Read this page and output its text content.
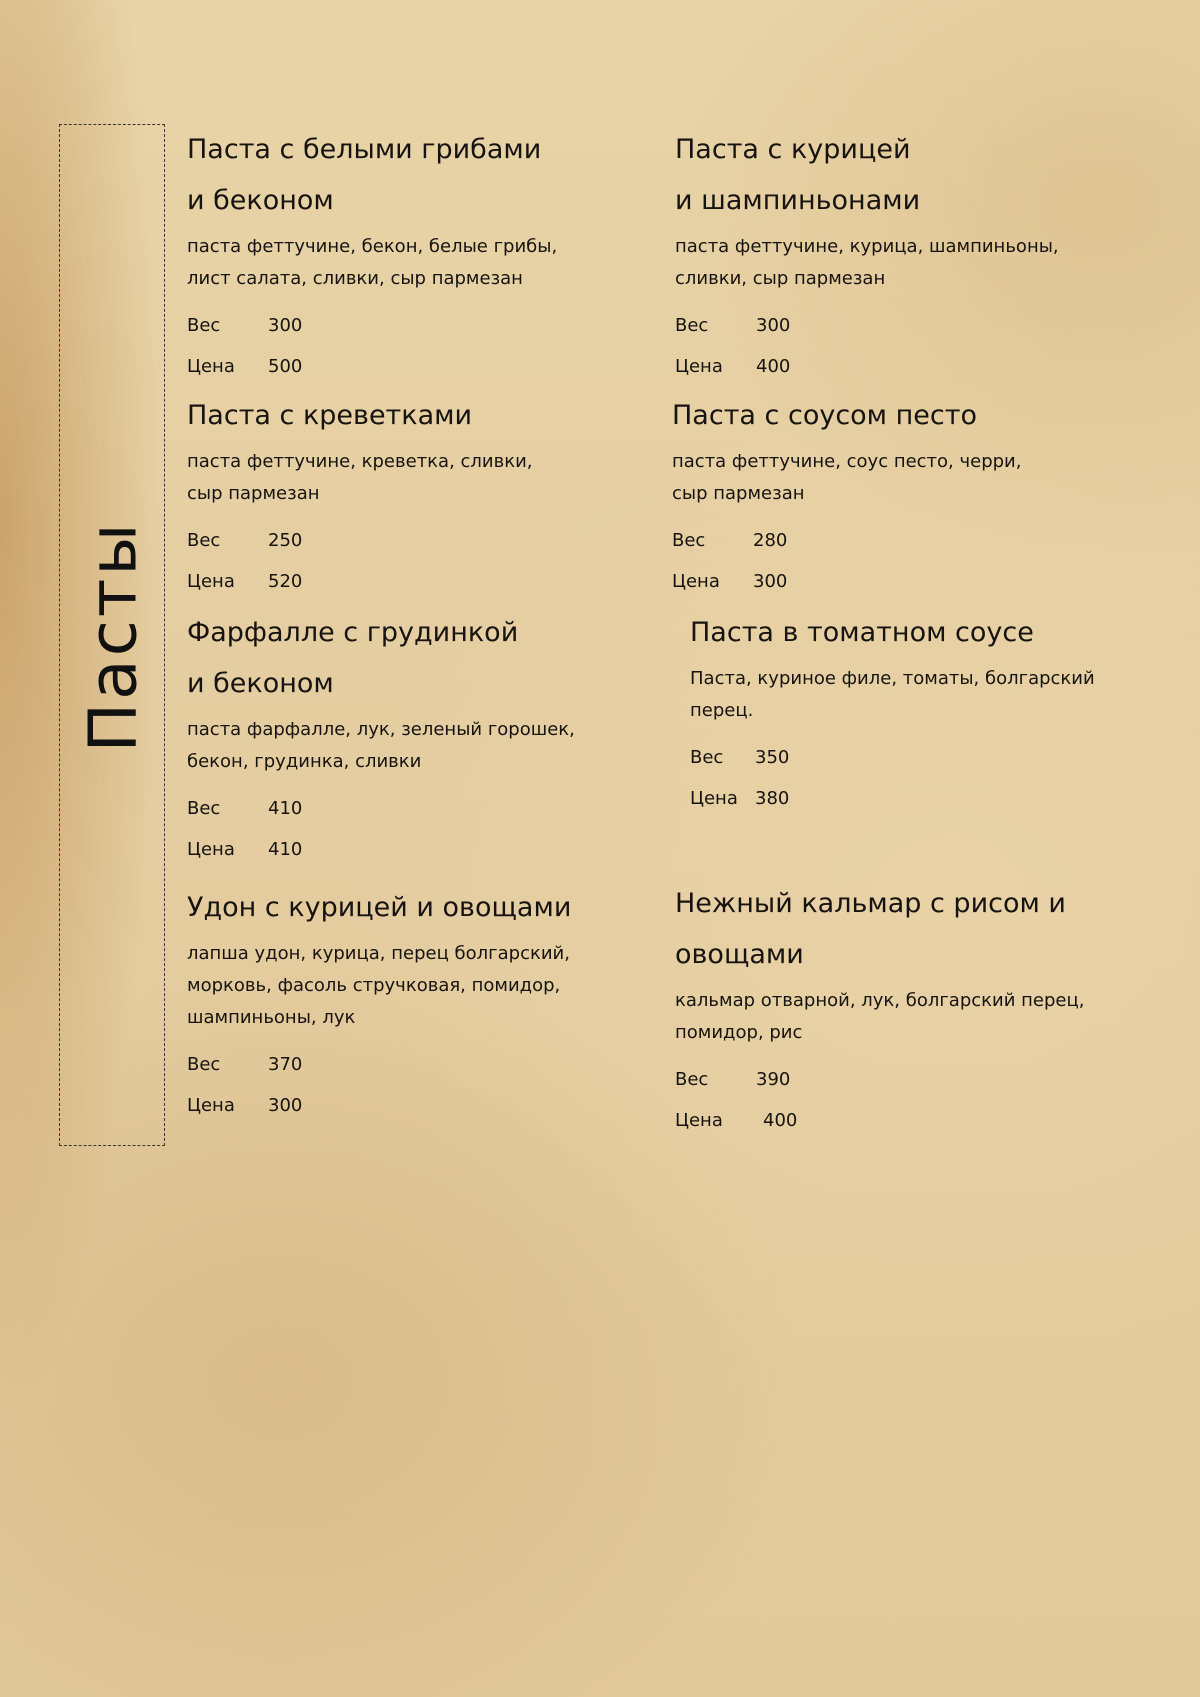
Пасты
Паста с белыми грибами
и беконом
паста феттучине, бекон, белые грибы,
лист салата, сливки, сыр пармезан
Вес	300
Цена	500
Паста с курицей
и шампиньонами
паста феттучине, курица, шампиньоны,
сливки, сыр пармезан
Вес	300
Цена	400
Паста с креветками
паста феттучине, креветка, сливки,
сыр пармезан
Вес	250
Цена	520
Паста с соусом песто
паста феттучине, соус песто, черри,
сыр пармезан
Вес	280
Цена	300
Фарфалле с грудинкой
и беконом
паста фарфалле, лук, зеленый горошек,
бекон, грудинка, сливки
Вес	410
Цена	410
Паста в томатном соусе
Паста, куриное филе, томаты, болгарский
перец.
Вес	350
Цена 380
Удон с курицей и овощами
лапша удон, курица, перец болгарский,
морковь, фасоль стручковая, помидор,
шампиньоны, лук
Вес	370
Цена	300
Нежный кальмар с рисом и
овощами
кальмар отварной, лук, болгарский перец,
помидор, рис
Вес	390
Цена	400
